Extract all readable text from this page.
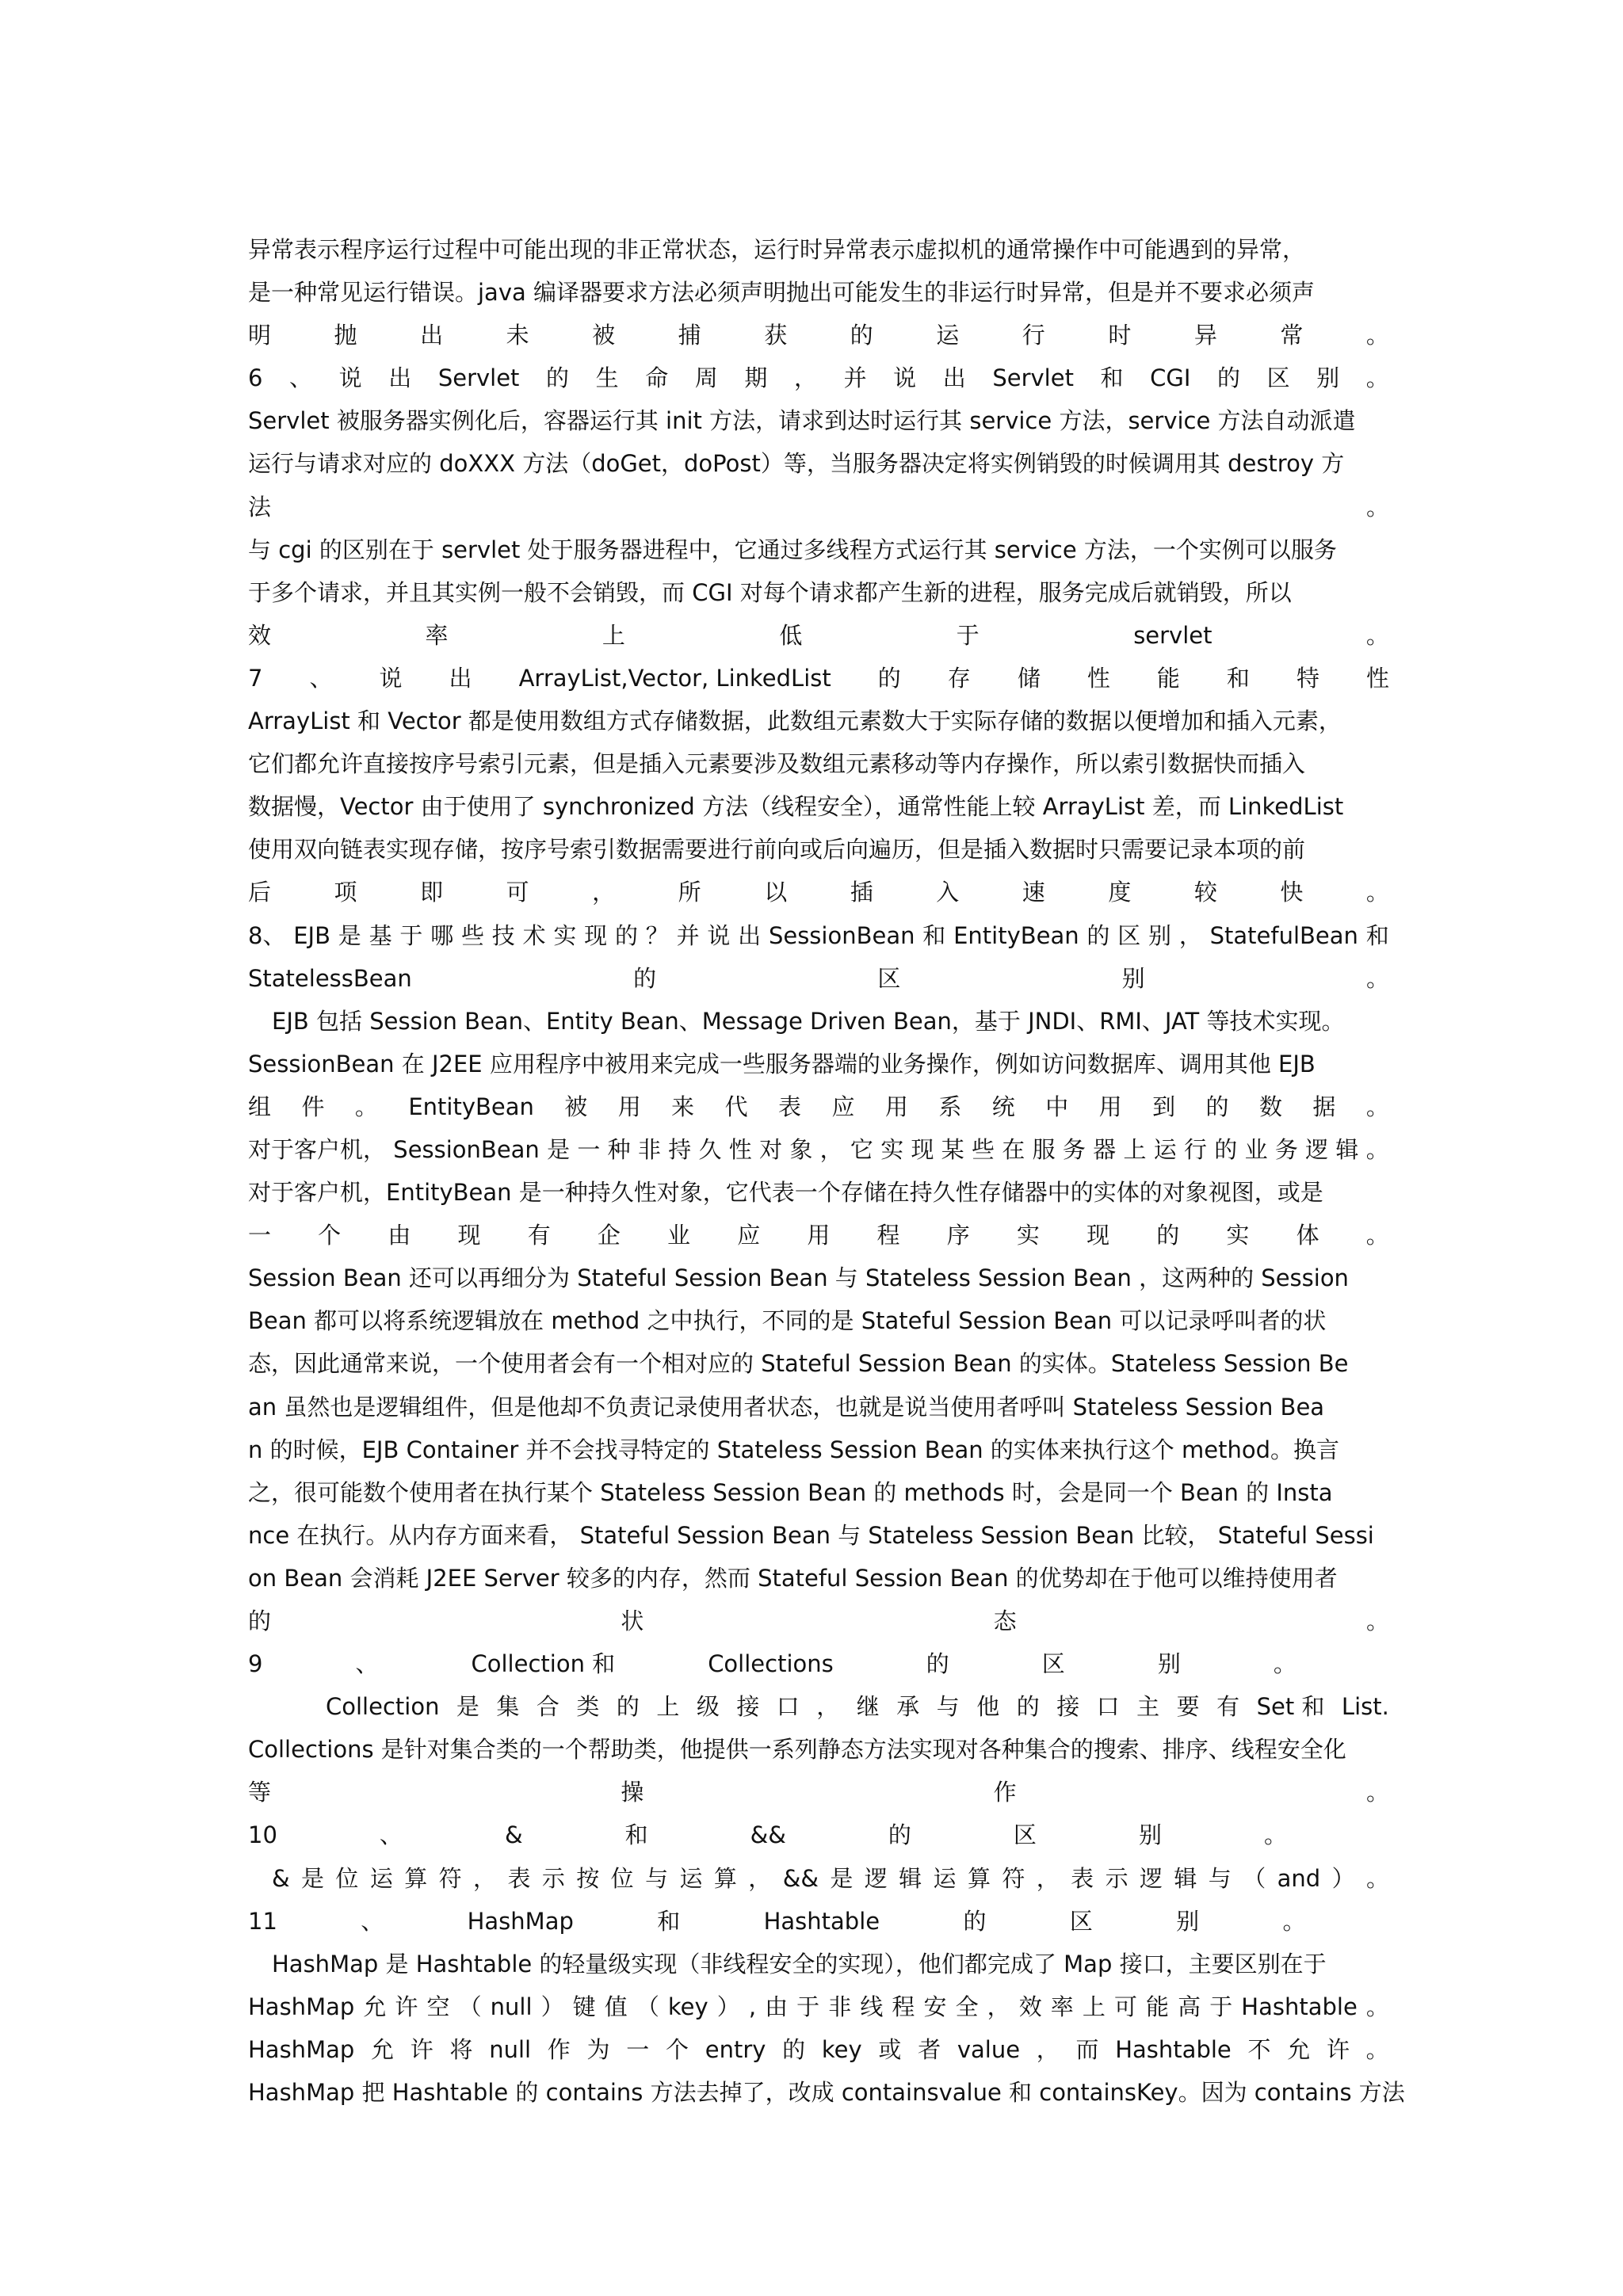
异常表示程序运行过程中可能出现的非正常状态，运行时异常表示虚拟机的通常操作中可能遇到的异常，
是一种常见运行错误。java 编译器要求方法必须声明抛出可能发生的非运行时异常，但是并不要求必须声
明	抛	出	未	被	捕	获	的	运	行	时	异	常	。
6 、 说 出 Servlet 的 生 命 周 期 ， 并 说 出 Servlet 和 CGI 的 区 别 。
Servlet 被服务器实例化后，容器运行其 init 方法，请求到达时运行其 service 方法，service 方法自动派遣
运行与请求对应的 doXXX 方法（doGet，doPost）等，当服务器决定将实例销毁的时候调用其 destroy 方
法	。
与 cgi 的区别在于 servlet 处于服务器进程中，它通过多线程方式运行其 service 方法，一个实例可以服务
于多个请求，并且其实例一般不会销毁，而 CGI 对每个请求都产生新的进程，服务完成后就销毁，所以
效	率	上	低	于	servlet	。
7 、 说 出 ArrayList,Vector, LinkedList 的 存 储 性 能 和 特 性
ArrayList 和 Vector 都是使用数组方式存储数据，此数组元素数大于实际存储的数据以便增加和插入元素，
它们都允许直接按序号索引元素，但是插入元素要涉及数组元素移动等内存操作，所以索引数据快而插入
数据慢，Vector 由于使用了 synchronized 方法（线程安全），通常性能上较 ArrayList 差，而 LinkedList
使用双向链表实现存储，按序号索引数据需要进行前向或后向遍历，但是插入数据时只需要记录本项的前
后	项	即	可	，	所	以	插	入	速	度	较	快	。
8、 EJB 是 基 于 哪 些 技 术 实 现 的 ？ 并 说 出 SessionBean 和 EntityBean 的 区 别 ， StatefulBean 和
StatelessBean	的	区	别	。
EJB 包括 Session Bean、Entity Bean、Message Driven Bean，基于 JNDI、RMI、JAT 等技术实现。
SessionBean 在 J2EE 应用程序中被用来完成一些服务器端的业务操作，例如访问数据库、调用其他 EJB
组 件 。 EntityBean 被 用 来 代 表 应 用 系 统 中 用 到 的 数 据 。
对于客户机， SessionBean 是 一 种 非 持 久 性 对 象 ， 它 实 现 某 些 在 服 务 器 上 运 行 的 业 务 逻 辑 。
对于客户机，EntityBean 是一种持久性对象，它代表一个存储在持久性存储器中的实体的对象视图，或是
一 个 由 现 有 企 业 应 用 程 序 实 现 的 实 体 。
Session Bean 还可以再细分为 Stateful Session Bean 与 Stateless Session Bean ，这两种的 Session
Bean 都可以将系统逻辑放在 method 之中执行，不同的是 Stateful Session Bean 可以记录呼叫者的状
态，因此通常来说，一个使用者会有一个相对应的 Stateful Session Bean 的实体。Stateless Session Be
an 虽然也是逻辑组件，但是他却不负责记录使用者状态，也就是说当使用者呼叫 Stateless Session Bea
n 的时候，EJB Container 并不会找寻特定的 Stateless Session Bean 的实体来执行这个 method。换言
之，很可能数个使用者在执行某个 Stateless Session Bean 的 methods 时，会是同一个 Bean 的 Insta
nce 在执行。从内存方面来看， Stateful Session Bean 与 Stateless Session Bean 比较， Stateful Sessi
on Bean 会消耗 J2EE Server 较多的内存，然而 Stateful Session Bean 的优势却在于他可以维持使用者
的	状	态	。
9	、	Collection 和	Collections	的	区	别	。
Collection 是 集 合 类 的 上 级 接 口 ， 继 承 与 他 的 接 口 主 要 有 Set 和 List.
Collections 是针对集合类的一个帮助类，他提供一系列静态方法实现对各种集合的搜索、排序、线程安全化
等	操	作	。
10	、	&	和	&&	的	区	别	。
& 是 位 运 算 符 ， 表 示 按 位 与 运 算 ， && 是 逻 辑 运 算 符 ， 表 示 逻 辑 与 （ and ） 。
11	、	HashMap	和	Hashtable	的	区	别	。
HashMap 是 Hashtable 的轻量级实现（非线程安全的实现），他们都完成了 Map 接口，主要区别在于
HashMap 允 许 空 （ null ） 键 值 （ key ） , 由 于 非 线 程 安 全 ， 效 率 上 可 能 高 于 Hashtable 。
HashMap 允 许 将 null 作 为 一 个 entry 的 key 或 者 value ， 而 Hashtable 不 允 许 。
HashMap 把 Hashtable 的 contains 方法去掉了，改成 containsvalue 和 containsKey。因为 contains 方法
